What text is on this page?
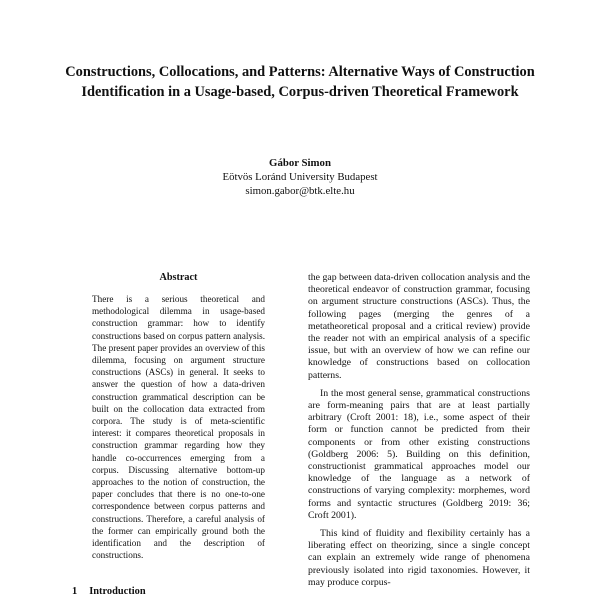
Constructions, Collocations, and Patterns: Alternative Ways of Construction Identification in a Usage-based, Corpus-driven Theoretical Framework
Gábor Simon
Eötvös Loránd University Budapest
simon.gabor@btk.elte.hu
Abstract
There is a serious theoretical and methodological dilemma in usage-based construction grammar: how to identify constructions based on corpus pattern analysis. The present paper provides an overview of this dilemma, focusing on argument structure constructions (ASCs) in general. It seeks to answer the question of how a data-driven construction grammatical description can be built on the collocation data extracted from corpora. The study is of meta-scientific interest: it compares theoretical proposals in construction grammar regarding how they handle co-occurrences emerging from a corpus. Discussing alternative bottom-up approaches to the notion of construction, the paper concludes that there is no one-to-one correspondence between corpus patterns and constructions. Therefore, a careful analysis of the former can empirically ground both the identification and the description of constructions.
1 Introduction

the gap between data-driven collocation analysis and the theoretical endeavor of construction grammar, focusing on argument structure constructions (ASCs). Thus, the following pages (merging the genres of a metatheoretical proposal and a critical review) provide the reader not with an empirical analysis of a specific issue, but with an overview of how we can refine our knowledge of constructions based on collocation patterns.

In the most general sense, grammatical constructions are form-meaning pairs that are at least partially arbitrary (Croft 2001: 18), i.e., some aspect of their form or function cannot be predicted from their components or from other existing constructions (Goldberg 2006: 5). Building on this definition, constructionist grammatical approaches model our knowledge of the language as a network of constructions of varying complexity: morphemes, word forms and syntactic structures (Goldberg 2019: 36; Croft 2001).

This kind of fluidity and flexibility certainly has a liberating effect on theorizing, since a single concept can explain an extremely wide range of phenomena previously isolated into rigid taxonomies. However, it may produce corpus-
